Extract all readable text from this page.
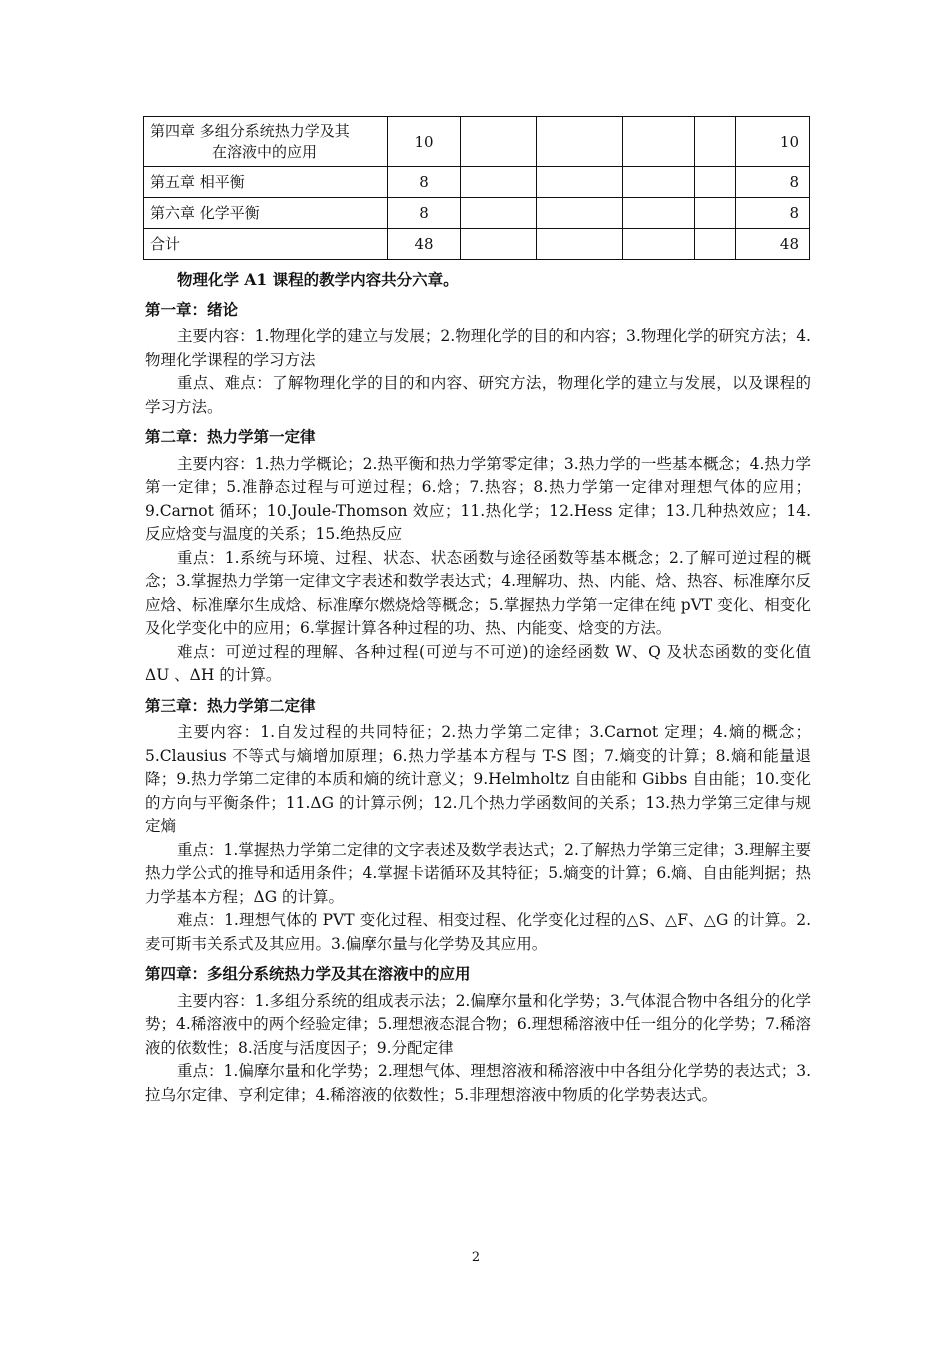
第四章 多组分系统热力学及其
在溶液中的应用	10					10
第五章 相平衡	8					8
第六章 化学平衡	8					8
合计	48					48

物理化学 A1 课程的教学内容共分六章。

第一章：绪论

主要内容：1.物理化学的建立与发展；2.物理化学的目的和内容；3.物理化学的研究方法；4.物理化学课程的学习方法

重点、难点：了解物理化学的目的和内容、研究方法，物理化学的建立与发展，以及课程的学习方法。

第二章：热力学第一定律

主要内容：1.热力学概论；2.热平衡和热力学第零定律；3.热力学的一些基本概念；4.热力学第一定律；5.准静态过程与可逆过程；6.焓；7.热容；8.热力学第一定律对理想气体的应用；9.Carnot 循环；10.Joule-Thomson 效应；11.热化学；12.Hess 定律；13.几种热效应；14.反应焓变与温度的关系；15.绝热反应

重点：1.系统与环境、过程、状态、状态函数与途径函数等基本概念；2.了解可逆过程的概念；3.掌握热力学第一定律文字表述和数学表达式；4.理解功、热、内能、焓、热容、标准摩尔反应焓、标准摩尔生成焓、标准摩尔燃烧焓等概念；5.掌握热力学第一定律在纯 pVT 变化、相变化及化学变化中的应用；6.掌握计算各种过程的功、热、内能变、焓变的方法。

难点：可逆过程的理解、各种过程(可逆与不可逆)的途经函数 W、Q 及状态函数的变化值 ΔU 、ΔH 的计算。

第三章：热力学第二定律

主要内容：1.自发过程的共同特征；2.热力学第二定律；3.Carnot 定理；4.熵的概念；5.Clausius 不等式与熵增加原理；6.热力学基本方程与 T-S 图；7.熵变的计算；8.熵和能量退降；9.热力学第二定律的本质和熵的统计意义；9.Helmholtz 自由能和 Gibbs 自由能；10.变化的方向与平衡条件；11.ΔG 的计算示例；12.几个热力学函数间的关系；13.热力学第三定律与规定熵

重点：1.掌握热力学第二定律的文字表述及数学表达式；2.了解热力学第三定律；3.理解主要热力学公式的推导和适用条件；4.掌握卡诺循环及其特征；5.熵变的计算；6.熵、自由能判据；热力学基本方程；ΔG 的计算。

难点：1.理想气体的 PVT 变化过程、相变过程、化学变化过程的△S、△F、△G 的计算。2.麦可斯韦关系式及其应用。3.偏摩尔量与化学势及其应用。

第四章：多组分系统热力学及其在溶液中的应用

主要内容：1.多组分系统的组成表示法；2.偏摩尔量和化学势；3.气体混合物中各组分的化学势；4.稀溶液中的两个经验定律；5.理想液态混合物；6.理想稀溶液中任一组分的化学势；7.稀溶液的依数性；8.活度与活度因子；9.分配定律

重点：1.偏摩尔量和化学势；2.理想气体、理想溶液和稀溶液中中各组分化学势的表达式；3.拉乌尔定律、亨利定律；4.稀溶液的依数性；5.非理想溶液中物质的化学势表达式。

2
